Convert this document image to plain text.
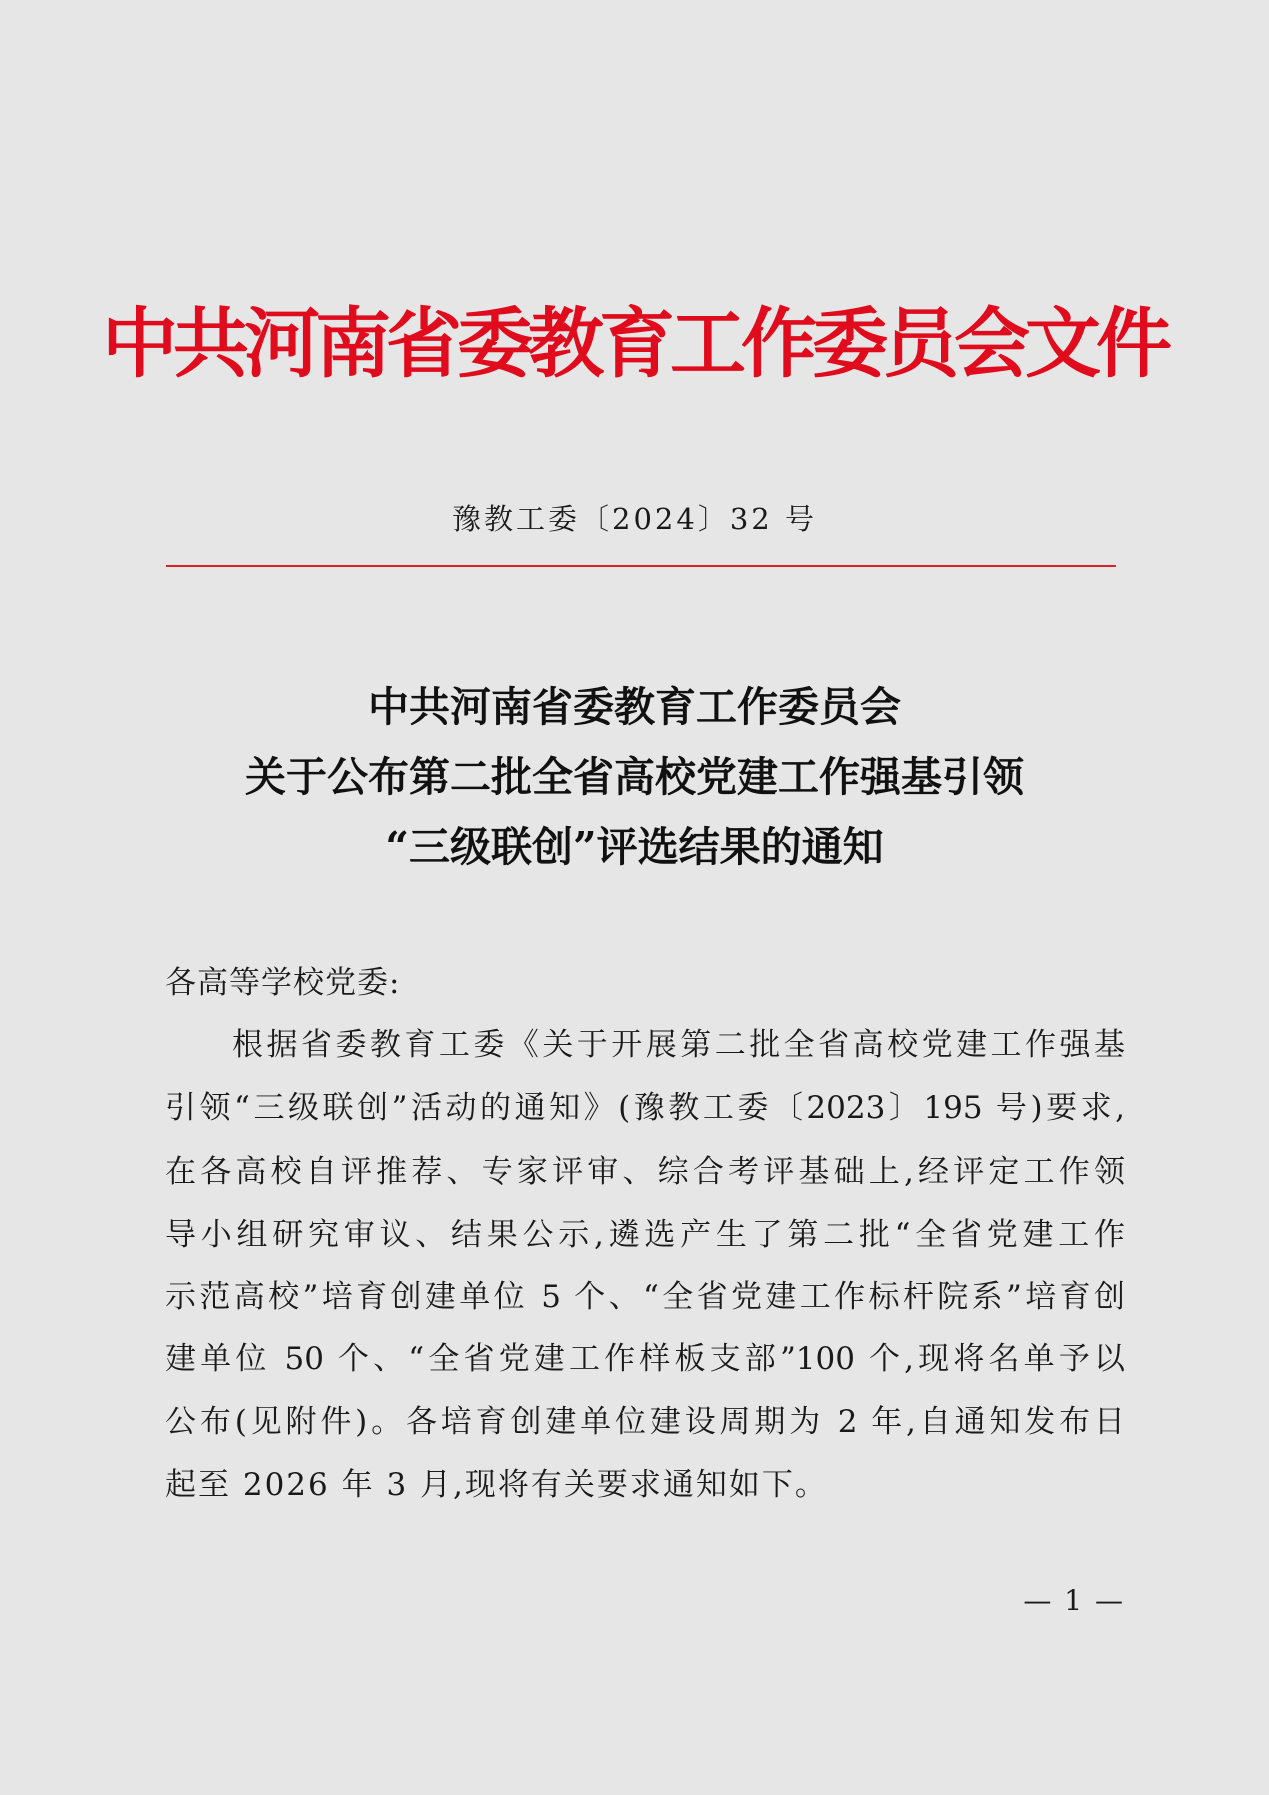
中共河南省委教育工作委员会文件
豫教工委〔2024〕32 号
中共河南省委教育工作委员会
关于公布第二批全省高校党建工作强基引领
“三级联创”评选结果的通知
各高等学校党委:
根据省委教育工委《关于开展第二批全省高校党建工作强基
引领“三级联创”活动的通知》(豫教工委〔2023〕195 号)要求,
在各高校自评推荐、专家评审、综合考评基础上,经评定工作领
导小组研究审议、结果公示,遴选产生了第二批“全省党建工作
示范高校”培育创建单位 5 个、“全省党建工作标杆院系”培育创
建单位 50 个、“全省党建工作样板支部”100 个,现将名单予以
公布(见附件)。各培育创建单位建设周期为 2 年,自通知发布日
起至 2026 年 3 月,现将有关要求通知如下。
— 1 —
